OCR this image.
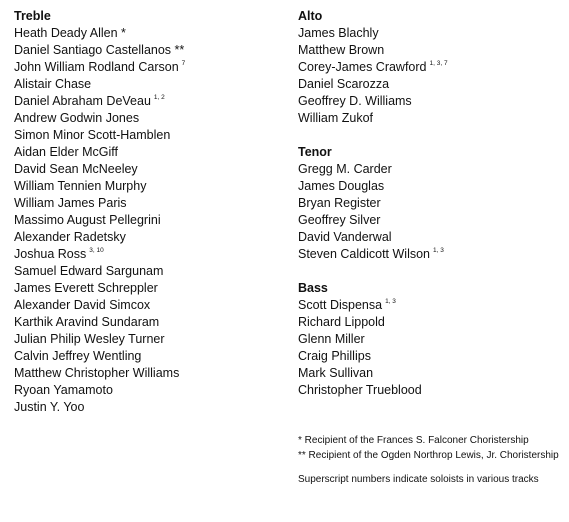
Treble
Heath Deady Allen *
Daniel Santiago Castellanos **
John William Rodland Carson $^7$
Alistair Chase
Daniel Abraham DeVeau $^{1, 2}$
Andrew Godwin Jones
Simon Minor Scott-Hamblen
Aidan Elder McGiff
David Sean McNeeley
William Tennien Murphy
William James Paris
Massimo August Pellegrini
Alexander Radetsky
Joshua Ross $^{3, 10}$
Samuel Edward Sargunam
James Everett Schreppler
Alexander David Simcox
Karthik Aravind Sundaram
Julian Philip Wesley Turner
Calvin Jeffrey Wentling
Matthew Christopher Williams
Ryoan Yamamoto
Justin Y. Yoo
Alto
James Blachly
Matthew Brown
Corey-James Crawford $^{1, 3, 7}$
Daniel Scarozza
Geoffrey D. Williams
William Zukof
Tenor
Gregg M. Carder
James Douglas
Bryan Register
Geoffrey Silver
David Vanderwal
Steven Caldicott Wilson $^{1, 3}$
Bass
Scott Dispensa $^{1, 3}$
Richard Lippold
Glenn Miller
Craig Phillips
Mark Sullivan
Christopher Trueblood

* Recipient of the Frances S. Falconer Choristership

** Recipient of the Ogden Northrop Lewis, Jr. Choristership

Superscript numbers indicate soloists in various tracks
